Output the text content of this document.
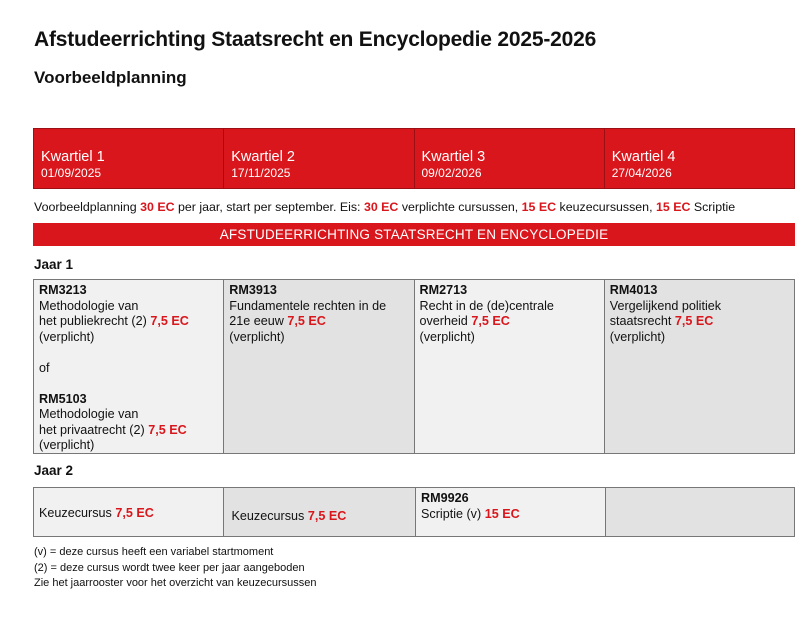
Afstudeerrichting Staatsrecht en Encyclopedie 2025-2026
Voorbeeldplanning
Kwartiel 1
01/09/2025
Kwartiel 2
17/11/2025
Kwartiel 3
09/02/2026
Kwartiel 4
27/04/2026
Voorbeeldplanning 30 EC per jaar, start per september. Eis: 30 EC verplichte cursussen, 15 EC keuzecursussen, 15 EC Scriptie
AFSTUDEERRICHTING STAATSRECHT EN ENCYCLOPEDIE
Jaar 1
RM3213
Methodologie van
het publiekrecht (2) 7,5 EC
(verplicht)
of
RM5103
Methodologie van
het privaatrecht (2) 7,5 EC
(verplicht)
RM3913
Fundamentele rechten in de
21e eeuw 7,5 EC
(verplicht)
RM2713
Recht in de (de)centrale
overheid 7,5 EC
(verplicht)
RM4013
Vergelijkend politiek
staatsrecht 7,5 EC
(verplicht)
Jaar 2
Keuzecursus 7,5 EC	Keuzecursus 7,5 EC
RM9926
Scriptie (v) 15 EC
(v) = deze cursus heeft een variabel startmoment
(2) = deze cursus wordt twee keer per jaar aangeboden
Zie het jaarrooster voor het overzicht van keuzecursussen
